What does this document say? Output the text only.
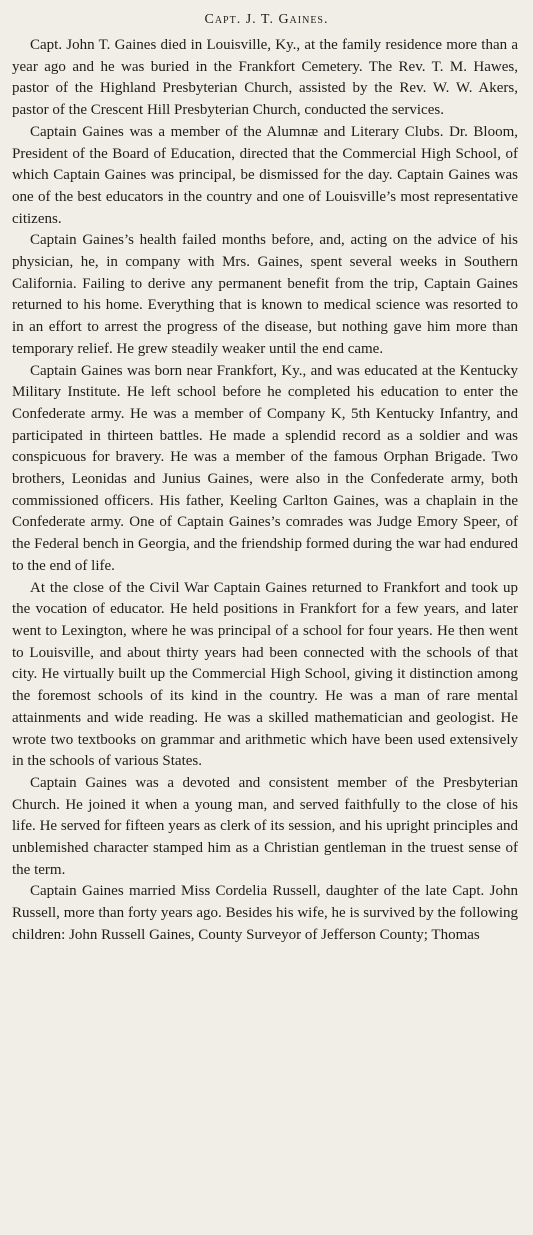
Capt. J. T. Gaines.

Capt. John T. Gaines died in Louisville, Ky., at the family residence more than a year ago and he was buried in the Frankfort Cemetery. The Rev. T. M. Hawes, pastor of the Highland Presbyterian Church, assisted by the Rev. W. W. Akers, pastor of the Crescent Hill Presbyterian Church, conducted the services.

Captain Gaines was a member of the Alumnæ and Literary Clubs. Dr. Bloom, President of the Board of Education, directed that the Commercial High School, of which Captain Gaines was principal, be dismissed for the day. Captain Gaines was one of the best educators in the country and one of Louisville’s most representative citizens.

Captain Gaines’s health failed months before, and, acting on the advice of his physician, he, in company with Mrs. Gaines, spent several weeks in Southern California. Failing to derive any permanent benefit from the trip, Captain Gaines returned to his home. Everything that is known to medical science was resorted to in an effort to arrest the progress of the disease, but nothing gave him more than temporary relief. He grew steadily weaker until the end came.

Captain Gaines was born near Frankfort, Ky., and was educated at the Kentucky Military Institute. He left school before he completed his education to enter the Confederate army. He was a member of Company K, 5th Kentucky Infantry, and participated in thirteen battles. He made a splendid record as a soldier and was conspicuous for bravery. He was a member of the famous Orphan Brigade. Two brothers, Leonidas and Junius Gaines, were also in the Confederate army, both commissioned officers. His father, Keeling Carlton Gaines, was a chaplain in the Confederate army. One of Captain Gaines’s comrades was Judge Emory Speer, of the Federal bench in Georgia, and the friendship formed during the war had endured to the end of life.

At the close of the Civil War Captain Gaines returned to Frankfort and took up the vocation of educator. He held positions in Frankfort for a few years, and later went to Lexington, where he was principal of a school for four years. He then went to Louisville, and about thirty years had been connected with the schools of that city. He virtually built up the Commercial High School, giving it distinction among the foremost schools of its kind in the country. He was a man of rare mental attainments and wide reading. He was a skilled mathematician and geologist. He wrote two textbooks on grammar and arithmetic which have been used extensively in the schools of various States.

Captain Gaines was a devoted and consistent member of the Presbyterian Church. He joined it when a young man, and served faithfully to the close of his life. He served for fifteen years as clerk of its session, and his upright principles and unblemished character stamped him as a Christian gentleman in the truest sense of the term.

Captain Gaines married Miss Cordelia Russell, daughter of the late Capt. John Russell, more than forty years ago. Besides his wife, he is survived by the following children: John Russell Gaines, County Surveyor of Jefferson County; Thomas
